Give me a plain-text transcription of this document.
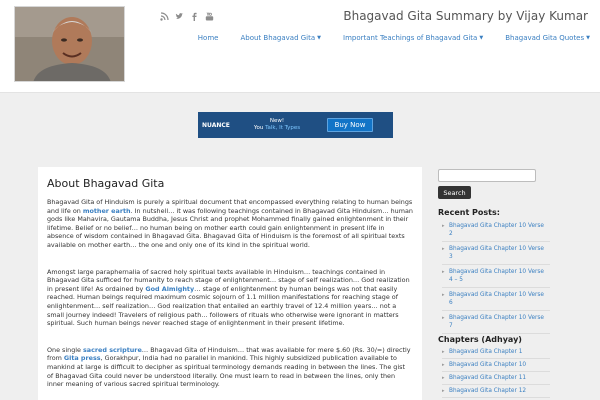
Bhagavad Gita Summary by Vijay Kumar
Home	About Bhagavad Gita ▼	Important Teachings of Bhagavad Gita ▼	Bhagavad Gita Quotes ▼
NUANCE
New!
You Talk, It Types	Buy Now
About Bhagavad Gita

Bhagavad Gita of Hinduism is purely a spiritual document that encompassed everything relating to human beings and life on mother earth. In nutshell… it was following teachings contained in Bhagavad Gita Hinduism… human gods like Mahavira, Gautama Buddha, Jesus Christ and prophet Mohammed finally gained enlightenment in their lifetime. Belief or no belief… no human being on mother earth could gain enlightenment in present life in absence of wisdom contained in Bhagavad Gita. Bhagavad Gita of Hinduism is the foremost of all spiritual texts available on mother earth… the one and only one of its kind in the spiritual world.

Amongst large paraphernalia of sacred holy spiritual texts available in Hinduism… teachings contained in Bhagavad Gita sufficed for humanity to reach stage of enlightenment… stage of self realization… God realization in present life! As ordained by God Almighty… stage of enlightenment by human beings was not that easily reached. Human beings required maximum cosmic sojourn of 1.1 million manifestations for reaching stage of enlightenment… self realization… God realization that entailed an earthly travel of 12.4 million years… not a small journey indeed! Travelers of religious path… followers of rituals who otherwise were ignorant in matters spiritual. Such human beings never reached stage of enlightenment in their present lifetime.

One single sacred scripture… Bhagavad Gita of Hinduism… that was available for mere $.60 (Rs. 30/=) directly from Gita press, Gorakhpur, India had no parallel in mankind. This highly subsidized publication available to mankind at large is difficult to decipher as spiritual terminology demands reading in between the lines. The gist of Bhagavad Gita could never be understood literally. One must learn to read in between the lines, only then inner meaning of various sacred spiritual terminology.

Search
Recent Posts:
▸ Bhagavad Gita Chapter 10 Verse
2
▸ Bhagavad Gita Chapter 10 Verse
3
▸ Bhagavad Gita Chapter 10 Verse
4 – 5
▸ Bhagavad Gita Chapter 10 Verse
6
▸ Bhagavad Gita Chapter 10 Verse
7
Chapters (Adhyay)
▸ Bhagavad Gita Chapter 1
▸ Bhagavad Gita Chapter 10
▸ Bhagavad Gita Chapter 11
▸ Bhagavad Gita Chapter 12
